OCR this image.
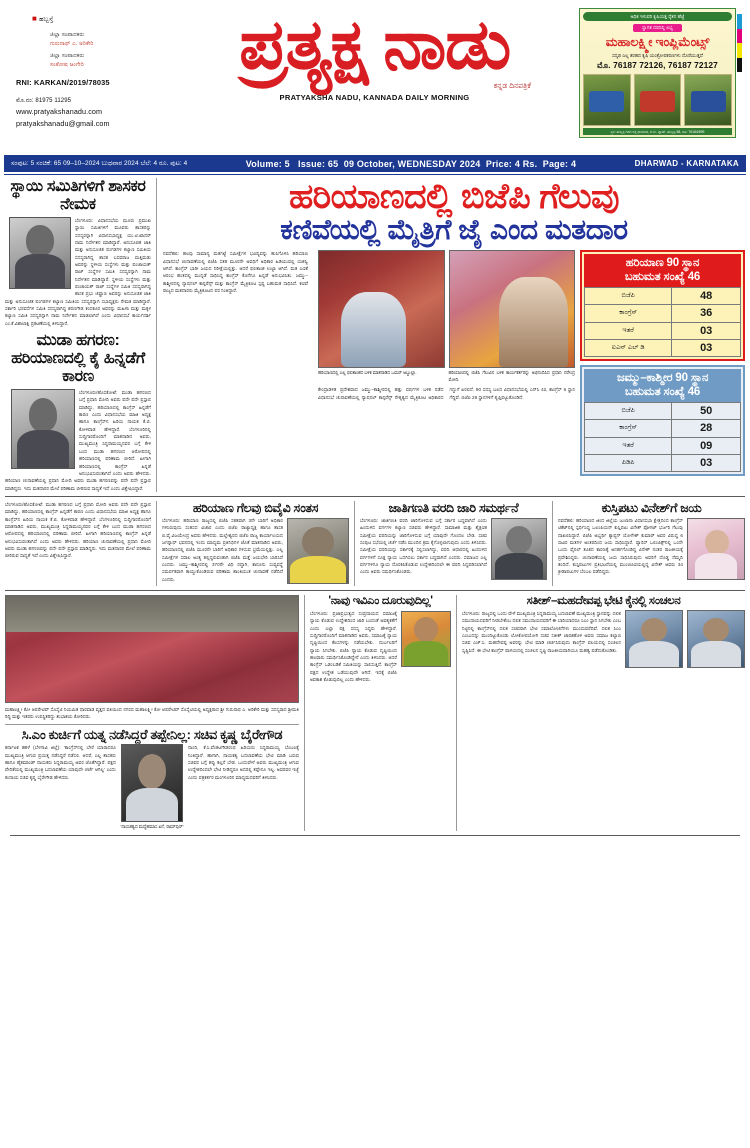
■ ಹಬ್ಬಸ್ತೆ
ಜಿಲ್ಲಾ ಸಂಪಾದಕರು
ಗುರುನಾಥ್ ಎ. ಅರಿಕೇರಿ
ಜಿಲ್ಲಾ ಸಂಪಾದಕರು
ಸಂತೋಷ ಜಂಗೇರಿ
RNI: KARKAN/2019/78035
ಮೊ.ನಂ: 81975 11295
www.pratyakshanadu.com
pratyakshanadu@gmail.com
ಪ್ರತ್ಯಕ್ಷ ನಾಡು
ಕನ್ನಡ ದಿನಪತ್ರಿಕೆ
PRATYAKSHA NADU, KANNADA DAILY MORNING
ಅಧಿಕ ಇಳುವರಿ ಕೃಷಿಯತ್ತ ರೈತನ ಹೆಜ್ಜೆ
ಸ್ವಾಗತ ದರದಲ್ಲಿ ಲಭ್ಯ
ಮಹಾಲಕ್ಷ್ಮೀ ಇಂಪ್ಲಿಮೆಂಟ್ಸ್
ಸದೃಢ ಎಲ್ಲ ತರಹದ ಕೃಷಿ ಯಂತ್ರೋಪಕರಣಗಳು ದೊರೆಯುತ್ತದೆ
ಮೊ. 76187 72126, 76187 72127
ಸ್ಥಳ: ಹುಬ್ಬಳ್ಳಿ ಗದಗ ರಸ್ತೆ ಧಾರವಾಡ, ಶೆ.ನಂ. ಫ್ಲಾಟ್, ಹುಬ್ಬಳ್ಳಿ-58, ದೂ: 76184/699
ಸಂಪುಟ: 5 ಸಂಚಿಕೆ: 65 09–10–2024 ಬುಧವಾರ 2024 ಬೆಲೆ: 4 ರೂ. ಪುಟ: 4	Volume: 5 Issue: 65 09 October, WEDNESDAY 2024 Price: 4 Rs. Page: 4	DHARWAD - KARNATAKA
ಸ್ಥಾಯಿ ಸಮಿತಿಗಳಿಗೆ ಶಾಸಕರ ನೇಮಕ
ಬೆಂಗಳೂರು: ವಿಧಾನಸಭೆಯ ಮೂರು ಪ್ರಮುಖ ಸ್ಥಾಯಿ ಸಮಿತಿಗಳಿಗೆ ಮೂವರು ಶಾಸಕರನ್ನು ಸದಸ್ಯರನ್ನಾಗಿ ವಿಧಾನಸಭಾಧ್ಯಕ್ಷ ಯು.ಟಿ.ಖಾದರ್ ನಾಮ ನಿರ್ದೇಶನ ಮಾಡಿದ್ದಾರೆ. ಅನುಸೂಚಿತ ಜಾತಿ ಮತ್ತು ಅನುಸೂಚಿತ ಪಂಗಡಗಳ ಕಲ್ಯಾಣ ಸಮಿತಿಯ ಸದಸ್ಯರಾಗಿದ್ದ ಶಾಸಕ ಬಸವರಾಜ ಮತ್ತಿಮಡು ಅವರನ್ನು ಸ್ಥಳೀಯ ಸಂಸ್ಥೆಗಳು ಮತ್ತು ಪಂಚಾಯತ್ ರಾಜ್ ಸಂಸ್ಥೆಗಳ ಸಮಿತಿ ಸದಸ್ಯರನ್ನಾಗಿ ನಾಮ ನಿರ್ದೇಶನ ಮಾಡಿದ್ದಾರೆ. ಸ್ಥಳೀಯ ಸಂಸ್ಥೆಗಳು ಮತ್ತು ಪಂಚಾಯತ್ ರಾಜ್ ಸಂಸ್ಥೆಗಳ ಸಮಿತಿ ಸದಸ್ಯರಾಗಿದ್ದ ಶಾಸಕ ಪ್ರಭು ಚವ್ಹಾಣ ಅವರನ್ನು ಅನುಸೂಚಿತ ಜಾತಿ ಮತ್ತು ಅನುಸೂಚಿತ ಪಂಗಡಗಳ ಕಲ್ಯಾಣ ಸಮಿತಿಯ ಸದಸ್ಯರನ್ನಾಗಿ ಸಭಾಧ್ಯಕ್ಷರು ನೇಮಕ ಮಾಡಿದ್ದಾರೆ. ಸರ್ಕಾರಿ ಭರವಸೆಗಳ ಸಮಿತಿ ಸದಸ್ಯರಾಗಿದ್ದ ಶರಣಗೌಡ ಕಂದಕೂರ ಅವರನ್ನು ಮಹಿಳಾ ಮತ್ತು ಮಕ್ಕಳ ಕಲ್ಯಾಣ ಸಮಿತಿ ಸದಸ್ಯರನ್ನಾಗಿ ನಾಮ ನಿರ್ದೇಶನ ಮಾಡಲಾಗಿದೆ ಎಂದು ವಿಧಾನಸಭೆ ಕಾರ್ಯದರ್ಶಿ ಎಂ.ಕೆ.ವಿಶಾಲಾಕ್ಷಿ ಪ್ರಕಟಣೆಯಲ್ಲಿ ತಿಳಿಸಿದ್ದಾರೆ.
ಮುಡಾ ಹಗರಣ: ಹರಿಯಾಣದಲ್ಲಿ ಕೈ ಹಿನ್ನಡೆಗೆ ಕಾರಣ
ಬೆಂಗಳೂರು/ಹೊಸಕೋಟೆ: ಮುಡಾ ಹಗರಣದ ಬಗ್ಗೆ ಪ್ರಧಾನಿ ಮೋದಿ ಅವರು ಪದೇ ಪದೇ ಪ್ರಸ್ತಾಪ ಮಾಡಿದ್ದು, ಹರಿಯಾಣದಲ್ಲಿ ಕಾಂಗ್ರೆಸ್ ಹಿನ್ನಡೆಗೆ ಕಾರಣ ಎಂದು ವಿಧಾನಸಭೆಯ ಮಾಜಿ ಅಧ್ಯಕ್ಷ ಹಾಗೂ ಕಾಂಗ್ರೆಸ್‌ನ ಹಿರಿಯ ನಾಯಕ ಕೆ.ಬಿ. ಕೋಳಿವಾಡ ಹೇಳಿದ್ದಾರೆ. ಬೆಂಗಳೂರಿನಲ್ಲಿ ಸುದ್ದಿಗಾರರೊಂದಿಗೆ ಮಾತನಾಡಿದ ಅವರು, ಮುಖ್ಯಮಂತ್ರಿ ಸಿದ್ದರಾಮಯ್ಯನವರ ಬಗ್ಗೆ ಕೇಳಿ ಬಂದ ಮುಡಾ ಹಗರಣದ ಆರೋಪದಲ್ಲಿ ಹರಿಯಾಣದಲ್ಲಿ ಪರಿಣಾಮ ಬೀರಿದೆ. ಹೀಗಾಗಿ ಹರಿಯಾಣದಲ್ಲಿ ಕಾಂಗ್ರೆಸ್ ಹಿನ್ನಡೆ ಅನುಭವಿಸುವಂತಾಗಿದೆ ಎಂದು ಅವರು ಹೇಳಿದರು. ಹರಿಯಾಣ ಚುನಾವಣೆಯಲ್ಲಿ ಪ್ರಧಾನಿ ಮೋದಿ ಅವರು ಮುಡಾ ಹಗರಣವನ್ನು ಪದೇ ಪದೇ ಪ್ರಸ್ತಾಪ ಮಾಡಿದ್ದರು. ಇದು ಮತದಾರರ ಮೇಲೆ ಪರಿಣಾಮ ಬೀರಿರುವ ಸಾಧ್ಯತೆ ಇದೆ ಎಂದು ವಿಶ್ಲೇಷಿಸಿದ್ದಾರೆ.
ಹರಿಯಾಣದಲ್ಲಿ ಬಿಜೆಪಿ ಗೆಲುವು
ಕಣಿವೆಯಲ್ಲಿ ಮೈತ್ರಿಗೆ ಜೈ ಎಂದ ಮತದಾರ
ನವದೆಹಲಿ: ಹಲವು ಸಾಮಾನ್ಯ ಮತಗಟ್ಟೆ ಸಮೀಕ್ಷೆಗಳ ಭವಿಷ್ಯವನ್ನು ಹುಸಿಗೊಳಿಸಿ ಹರಿಯಾಣ ವಿಧಾನಸಭೆ ಚುನಾವಣೆಯಲ್ಲಿ ಬಿಜೆಪಿ ಸತತ ಮೂರನೇ ಅವಧಿಗೆ ಅಧಿಕಾರ ಹಿಡಿಯುವಲ್ಲಿ ಯಶಸ್ವಿ ಆಗಿದೆ. ಕಾಂಗ್ರೆಸ್ ಭಾರೀ ಜಯದ ನಿರೀಕ್ಷೆಯಲ್ಲಿತ್ತು. ಆದರೆ ಫಲಿತಾಂಶ ಉಲ್ಟಾ ಆಗಿದೆ. ಮತ ಎಣಿಕೆ ಆರಂಭ ಹಂತದಲ್ಲಿ ಮುನ್ನಡೆ ಸಾಧಿಸಿದ್ದ ಕಾಂಗ್ರೆಸ್ ಕೊನೆಗೂ ಹಿನ್ನಡೆ ಅನುಭವಿಸಿತು. ಜಮ್ಮು–ಕಾಶ್ಮೀರದಲ್ಲಿ ನ್ಯಾಷನಲ್ ಕಾನ್ಫರೆನ್ಸ್ ಮತ್ತು ಕಾಂಗ್ರೆಸ್ ಮೈತ್ರಿಕೂಟ ಸ್ಪಷ್ಟ ಬಹುಮತ ಸಾಧಿಸಿದೆ. ಕಣಿವೆ ರಾಜ್ಯದ ಮತದಾರರು ಮೈತ್ರಿಕೂಟದ ಪರ ನಿಂತಿದ್ದಾರೆ.
ಹರಿಯಾಣದಲ್ಲಿ ಎಲ್ಲ ಫಲಿತಾಂಶದ ಬಳಿಕ ಮಾತನಾಡಿದ ಒಮರ್ ಅಬ್ದುಲ್ಲಾ.	ಹರಿಯಾಣದಲ್ಲಿ ಬಿಜೆಪಿ ಗೆಲುವಿನ ಬಳಿಕ ಕಾರ್ಯಕರ್ತರನ್ನು ಅಭಿನಂದಿಸಿದ ಪ್ರಧಾನಿ ನರೇಂದ್ರ ಮೋದಿ.
ಕೇಂದ್ರಾಡಳಿತ ಪ್ರದೇಶವಾದ ಜಮ್ಮು–ಕಾಶ್ಮೀರದಲ್ಲಿ ಹತ್ತು ವರ್ಷಗಳ ಬಳಿಕ ನಡೆದ ವಿಧಾನಸಭೆ ಚುನಾವಣೆಯಲ್ಲಿ ನ್ಯಾಷನಲ್ ಕಾನ್ಫರೆನ್ಸ್ ನೇತೃತ್ವದ ಮೈತ್ರಿಕೂಟ ಅಧಿಕಾರದ ಗದ್ದುಗೆ ಏರಲಿದೆ. 90 ಸದಸ್ಯ ಬಲದ ವಿಧಾನಸಭೆಯಲ್ಲಿ ಎನ್‌ಸಿ 42, ಕಾಂಗ್ರೆಸ್ 6 ಸ್ಥಾನ ಗೆದ್ದಿವೆ. ಬಿಜೆಪಿ 29 ಸ್ಥಾನಗಳಿಗೆ ತೃಪ್ತಿಪಟ್ಟುಕೊಂಡಿದೆ.
ಹರಿಯಾಣ 90 ಸ್ಥಾನ
ಬಹುಮತ ಸಂಖ್ಯೆ 46
ಬಿಜೆಪಿ	48
ಕಾಂಗ್ರೆಸ್	36
ಇತರೆ	03
ಐಎನ್ ಎಲ್ ಡಿ	03
ಜಮ್ಮು–ಕಾಶ್ಮೀರ 90 ಸ್ಥಾನ
ಬಹುಮತ ಸಂಖ್ಯೆ 46
ಬಿಜೆಪಿ	50
ಕಾಂಗ್ರೆಸ್	28
ಇತರೆ	09
ಪಿಡಿಪಿ	03
ಬೆಂಗಳೂರು/ಹೊಸಕೋಟೆ: ಮುಡಾ ಹಗರಣದ ಬಗ್ಗೆ ಪ್ರಧಾನಿ ಮೋದಿ ಅವರು ಪದೇ ಪದೇ ಪ್ರಸ್ತಾಪ ಮಾಡಿದ್ದು, ಹರಿಯಾಣದಲ್ಲಿ ಕಾಂಗ್ರೆಸ್ ಹಿನ್ನಡೆಗೆ ಕಾರಣ ಎಂದು ವಿಧಾನಸಭೆಯ ಮಾಜಿ ಅಧ್ಯಕ್ಷ ಹಾಗೂ ಕಾಂಗ್ರೆಸ್‌ನ ಹಿರಿಯ ನಾಯಕ ಕೆ.ಬಿ. ಕೋಳಿವಾಡ ಹೇಳಿದ್ದಾರೆ. ಬೆಂಗಳೂರಿನಲ್ಲಿ ಸುದ್ದಿಗಾರರೊಂದಿಗೆ ಮಾತನಾಡಿದ ಅವರು, ಮುಖ್ಯಮಂತ್ರಿ ಸಿದ್ದರಾಮಯ್ಯನವರ ಬಗ್ಗೆ ಕೇಳಿ ಬಂದ ಮುಡಾ ಹಗರಣದ ಆರೋಪದಲ್ಲಿ ಹರಿಯಾಣದಲ್ಲಿ ಪರಿಣಾಮ ಬೀರಿದೆ. ಹೀಗಾಗಿ ಹರಿಯಾಣದಲ್ಲಿ ಕಾಂಗ್ರೆಸ್ ಹಿನ್ನಡೆ ಅನುಭವಿಸುವಂತಾಗಿದೆ ಎಂದು ಅವರು ಹೇಳಿದರು. ಹರಿಯಾಣ ಚುನಾವಣೆಯಲ್ಲಿ ಪ್ರಧಾನಿ ಮೋದಿ ಅವರು ಮುಡಾ ಹಗರಣವನ್ನು ಪದೇ ಪದೇ ಪ್ರಸ್ತಾಪ ಮಾಡಿದ್ದರು. ಇದು ಮತದಾರರ ಮೇಲೆ ಪರಿಣಾಮ ಬೀರಿರುವ ಸಾಧ್ಯತೆ ಇದೆ ಎಂದು ವಿಶ್ಲೇಷಿಸಿದ್ದಾರೆ.
ಹರಿಯಾಣ ಗೆಲವು ಬಿವೈವಿ ಸಂತಸ
ಬೆಂಗಳೂರು: ಹರಿಯಾಣ ರಾಜ್ಯದಲ್ಲಿ ಬಿಜೆಪಿ ಸತತವಾಗಿ 3ನೇ ಬಾರಿಗೆ ಅಧಿಕಾರ ಗಳಿಸಿರುವುದು ಸಂತಸದ ವಿಚಾರ ಎಂದು ಬಿಜೆಪಿ ರಾಜ್ಯಾಧ್ಯಕ್ಷ ಹಾಗೂ ಶಾಸಕ ಬಿ.ವೈ.ವಿಜಯೇಂದ್ರ ಅವರು ಹೇಳಿದರು. ಮಲ್ಲೇಶ್ವರದ ಬಿಜೆಪಿ ರಾಜ್ಯ ಕಾರ್ಯಾಲಯದ ಜಗನ್ನಾಥ್ ಭವನದಲ್ಲಿ ಇಂದು ಮಾಧ್ಯಮ ಪ್ರತಿನಿಧಿಗಳ ಜೊತೆ ಮಾತನಾಡಿದ ಅವರು, ಹರಿಯಾಣದಲ್ಲಿ ಬಿಜೆಪಿ ಮೂರನೇ ಬಾರಿಗೆ ಅಧಿಕಾರ ಗಳಿಸುವ ಭ್ರಮೆಯಲ್ಲಿತ್ತು. ಎಲ್ಲ ಸಮೀಕ್ಷೆಗಳ ಸವಾಲ ಅಂತ್ಯ ತಲ್ಲಿದ್ದರುವಂತಾಗಿ ಬಿಜೆಪಿ ಮತ್ತೆ ಜಯಭೇರಿ ಬಾರಿಸಿದೆ ಎಂದರು. ಜಮ್ಮು–ಕಾಶ್ಮೀರದಲ್ಲಿ 370ನೇ ವಿಧಿ ರದ್ದಾಗಿ, ಕಾನೂನು ಸುವ್ಯವಸ್ಥೆ ಸಮರ್ಪಕವಾಗಿ ಕಾಯ್ದುಕೊಂಡಿರುವ ಪರಿಣಾಮ ಶಾಂತಿಯುತ ಚುನಾವಣೆ ನಡೆದಿದೆ ಎಂದರು.
ಜಾತಿಗಣತಿ ವರದಿ ಜಾರಿ ಸಮರ್ಥನೆ
ಬೆಂಗಳೂರು: ಜಾತಿಗಣತಿ ವರದಿ ಜಾರಿಗೊಳಿಸುವ ಬಗ್ಗೆ ಸರ್ಕಾರ ಬದ್ಧವಾಗಿದೆ ಎಂದು ಹಿಂದುಳಿದ ವರ್ಗಗಳ ಕಲ್ಯಾಣ ಸಚಿವರು ಹೇಳಿದ್ದಾರೆ. ಸಾಮಾಜಿಕ ಮತ್ತು ಶೈಕ್ಷಣಿಕ ಸಮೀಕ್ಷೆಯ ವರದಿಯನ್ನು ಜಾರಿಗೊಳಿಸುವ ಬಗ್ಗೆ ಯಾವುದೇ ಗೊಂದಲ ಬೇಡ. ಸಚಿವ ಸಂಪುಟ ಸಭೆಯಲ್ಲಿ ಚರ್ಚೆ ನಡೆಸಿ ಮುಂದಿನ ಕ್ರಮ ಕೈಗೊಳ್ಳಲಾಗುವುದು ಎಂದು ತಿಳಿಸಿದರು. ಸಮೀಕ್ಷೆಯ ವರದಿಯನ್ನು ಸರ್ಕಾರಕ್ಕೆ ಸಲ್ಲಿಸಲಾಗಿದ್ದು, ವರದಿ ಆಧಾರದಲ್ಲಿ ಹಿಂದುಳಿದ ವರ್ಗಗಳಿಗೆ ಸೂಕ್ತ ನ್ಯಾಯ ಒದಗಿಸಲು ಸರ್ಕಾರ ಬದ್ಧವಾಗಿದೆ ಎಂದರು. ಸಮಾಜದ ಎಲ್ಲ ವರ್ಗಗಳಿಗೂ ನ್ಯಾಯ ದೊರಕಿಸಿಕೊಡುವ ಉದ್ದೇಶದಿಂದಲೇ ಈ ವರದಿ ಸಿದ್ಧಪಡಿಸಲಾಗಿದೆ ಎಂದು ಅವರು ಸಮರ್ಥಿಸಿಕೊಂಡರು.
ಕುಸ್ತಿಪಟು ವಿನೇಶ್‌ಗೆ ಜಯ
ನವದೆಹಲಿ: ಹರಿಯಾಣದ ಜಿಂದ ಜಿಲ್ಲೆಯ ಜುಲಾನಾ ವಿಧಾನಸಭಾ ಕ್ಷೇತ್ರದಿಂದ ಕಾಂಗ್ರೆಸ್ ಟಿಕೆಟ್‌ನಲ್ಲಿ ಸ್ಪರ್ಧಿಸಿದ್ದ ಒಲಂಪಿಯನ್ ಕುಸ್ತಿಪಟು ವಿನೇಶ್ ಫೋಗಟ್ ಭರ್ಜರಿ ಗೆಲುವು ದಾಖಲಿಸಿದ್ದಾರೆ. ಬಿಜೆಪಿ ಅಭ್ಯರ್ಥಿ ಕ್ಯಾಪ್ಟನ್ ಯೋಗೇಶ್ ಕುಮಾರ್ ಅವರ ವಿರುದ್ಧ 6 ಸಾವಿರ ಮತಗಳ ಅಂತರದಿಂದ ಜಯ ಸಾಧಿಸಿದ್ದಾರೆ. ಪ್ಯಾರಿಸ್ ಒಲಿಂಪಿಕ್ಸ್‌ನಲ್ಲಿ ಒಂದೇ ಒಂದು ಫೈನಲ್ ತೂಕದ ಕಾರಣಕ್ಕೆ ಅನರ್ಹಗೊಂಡಿದ್ದ ವಿನೇಶ್ ನಂತರ ರಾಜಕೀಯಕ್ಕೆ ಪ್ರವೇಶಿಸಿದ್ದರು. ಚುನಾವಣೆಯಲ್ಲಿ ಜಯ ಸಾಧಿಸಿರುವುದು ಅವರಿಗೆ ದೊಡ್ಡ ನೆಮ್ಮದಿ ತಂದಿದೆ. ಕುಸ್ತಿಪಟುಗಳ ಪ್ರತಿಭಟನೆಯಲ್ಲಿ ಮುಂಚೂಣಿಯಲ್ಲಿದ್ದ ವಿನೇಶ್ ಅವರು 34 ಕ್ರೀಡಾಪಟುಗಳ ಬೆಂಬಲ ಪಡೆದಿದ್ದರು.
ಮಹಾಲಕ್ಷ್ಮೀ ಕೋ ಆಪರೇಟಿವ್ ಸೊಸೈಟಿ ನಿಯಮಿತ ಧಾರವಾಡ ವೃತ್ತದ ವತಿಯಿಂದ ನಗರದ ಮಹಾಲಕ್ಷ್ಮೀ ಕೋ ಆಪರೇಟಿವ್ ಸೊಸೈಟಿಯಲ್ಲಿ ಅಧ್ಯಕ್ಷರಾದ ಶ್ರೀ ಗುರುನಾಥ ಎ. ಅರಿಕೇರಿ ಮತ್ತು ಸದಸ್ಯರಾದ ಶ್ರೀಮತಿ ರಿದ್ಧಿ ಮತ್ತು ಇತರರು ಉಪಸ್ಥಿತರಿದ್ದು ಶುಭಾಶಯ ಕೋರಿದರು.
ಸಿ.ಎಂ ಕುರ್ಚಿಗೆ ಯತ್ನ ನಡೆಸಿದ್ದರೆ ತಪ್ಪೇನಿಲ್ಲ: ಸಚಿವ ಕೃಷ್ಣ ಬೈರೇಗೌಡ
ಕರ್ನಾಟಕ ಕಹಳೆ (ಬೆಳಗಾವಿ ಜಿಲ್ಲೆ): 'ಕಾಂಗ್ರೆಸ್‌ನಲ್ಲಿ ಬೇರೆ ಯಾರಾದರೂ ಮುಖ್ಯಮಂತ್ರಿ ಆಗುವ ಪ್ರಯತ್ನ ನಡೆಸಿದ್ದರೆ ನಡೆಸಲಿ. ಆದರೆ, ಎಲ್ಲ ಶಾಸಕರು ಹಾಗೂ ಹೈಕಮಾಂಡ್ ನಾಯಕರು ಸಿದ್ದರಾಮಯ್ಯ ಅವರ ಜೊತೆಗಿದ್ದಾರೆ. ಪಕ್ಷದ ವೇದಿಕೆಯಲ್ಲಿ ಮುಖ್ಯಮಂತ್ರಿ ಬದಲಾವಣೆಯ ಯಾವುದೇ ಚರ್ಚೆ ಆಗಿಲ್ಲ' ಎಂದು ಕಂದಾಯ ಸಚಿವ ಕೃಷ್ಣ ಬೈರೇಗೌಡ ಹೇಳಿದರು.
ನಾಂದಿ, ಕೆ.ಸಿ.ವೆಂಕಟಗೌಡರಂಥ ಹಿರಿಯರು ಸಿದ್ದರಾಮಯ್ಯ ಬೆಂಬಲಕ್ಕೆ ನಿಂತಿದ್ದಾರೆ. ಹಾಗಾಗಿ, ನಾಯಕತ್ವ ಬದಲಾವಣೆಯ ಭೇಟಿ ಮಾಡಿ ಬರುವ ಸಚಿವರ ಬಗ್ಗೆ ತಪ್ಪು ಕಲ್ಪನೆ ಬೇಡ. ಒಂದುವೇಳೆ ಅವರು ಮುಖ್ಯಮಂತ್ರಿ ಆಗುವ ಉದ್ದೇಶದಿಂದಲೇ ಭೇಟಿ ನೀಡಿದ್ದರೂ ಅದರಲ್ಲಿ ತಪ್ಪೇನೂ ಇಲ್ಲ. ಅವರವರ ಇಚ್ಛೆ ಎಂದು ಪತ್ರಕರ್ತರ ಮಂಗಳೂರಿನ ಮಾಧ್ಯಮದವರಿಗೆ ತಿಳಿಸಿದರು.
'ನಾಯಕತ್ವದ ಮಧ್ಯೆಹಮಾಸ ಏನೆ, ರಾಮ್‌ಪುರ್'
'ನಾವು ಇವಿಎಂ ದೂರುವುದಿಲ್ಲ'
ಬೆಂಗಳೂರು: ಪ್ರಜಾಪ್ರಭುತ್ವದ ಸಂಪ್ರದಾಯದ ಸಮಾಜಕ್ಕೆ ನ್ಯಾಯ ಕೊಡುವ ಉದ್ದೇಶದಿಂದ ಜಾರಿ ಬಂದಂತೆ ಅವಶ್ಯಕತೆಗೆ ಎಂದು ಎಲ್ಲಾ ಪಕ್ಷ ಸದಸ್ಯ ಸಿದ್ದರು ಹೇಳಿದ್ದಾರೆ. ಸುದ್ದಿಗಾರರೊಂದಿಗೆ ಮಾತನಾಡಿದ ಅವರು, ಸಮಾಜಕ್ಕೆ ನ್ಯಾಯ ದೃಷ್ಟಿಯಿಂದ ಕೆಲಸಗಳನ್ನು ನಡೆಯಬೇಕು. ದುರ್ಬಲರಿಗೆ ನ್ಯಾಯ ಸಿಗಬೇಕು. ಬಿಜೆಪಿ ನ್ಯಾಯ ಕೊಡುವ ದೃಷ್ಟಿಯಿಂದ ಹಲವಾರು ಸಮರ್ಥಿಸಿಕೊಂಡಿದ್ದೇನೆ ಎಂದು ತಿಳಿಸಿದರು. ಆದರೆ ಕಾಂಗ್ರೆಸ್ ಒಡಂಬಡಿಕೆ ಸಮಿತಿಯನ್ನು ಸಾಲಿಸುತ್ತಿದೆ. ಕಾಂಗ್ರೆಸ್ ಪಕ್ಷದ ಉದ್ದೇಶ ಒಡೆಯುವುದೇ ಆಗಿದೆ. ಇದಕ್ಕೆ ಬಿಜೆಪಿ ಅವಕಾಶ ಕೊಡುವುದಿಲ್ಲ ಎಂದು ಹೇಳಿದರು.
ಸತೀಶ್–ಮಹದೇವಪ್ಪ ಭೇಟಿ ಕೈನಲ್ಲಿ ಸಂಚಲನ
ಬೆಂಗಳೂರು: ರಾಜ್ಯದಲ್ಲಿ ಒಂದು ವೇಳೆ ಮುಖ್ಯಮಂತ್ರಿ ಸಿದ್ದರಾಮಯ್ಯ ಬದಲಾವಣೆ ಮುಖ್ಯಮಂತ್ರಿ ಸ್ಥಾನವನ್ನು ದಲಿತ ಸಮುದಾಯದವರಿಗೆ ನೀಡಬೇಕೆಂಬ ದಲಿತ ಸಮುದಾಯದವರಿಗೆ ಈ ಬಾರಿಯಾದರೂ ಸಿಎಂ ಸ್ಥಾನ ಸಿಗಬೇಕು ಎಂಬ ನಿಟ್ಟಿನಲ್ಲಿ ಕಾಂಗ್ರೆಸ್‌ನಲ್ಲಿ ದಲಿತ ಸಚಿವರಾಗಿ ಭೇಟಿ ಸಮಾಲೋಚನೆಗಳು ಮುಂದುವರೆದಿವೆ. ದಲಿತ ಸಿಎಂ ಎಂಬುದನ್ನು ಮುಂದಿಟ್ಟುಕೊಂಡು ಲೋಕೋಪಯೋಗಿ ಸಚಿವ ಸತೀಶ್ ಜಾರಕಿಹೊಳಿ ಅವರು ಸಮಾಜ ಕಲ್ಯಾಣ ಸಚಿವ ಎಚ್.ಸಿ. ಮಹದೇವಪ್ಪ ಅವರನ್ನು ಭೇಟಿ ಮಾಡಿ ಚರ್ಚಿಸಿರುವುದು ಕಾಂಗ್ರೆಸ್ ವಲಯದಲ್ಲಿ ಸಂಚಲನ ಸೃಷ್ಟಿಸಿದೆ. ಈ ಭೇಟಿ ಕಾಂಗ್ರೆಸ್ ಪಾಳಯದಲ್ಲಿ ಸಂಚಲನ ಸೃಷ್ಟಿ ರಾಜಕೀಯವಾಗಿಯೂ ಮಹತ್ವ ಪಡೆದುಕೊಂಡಿತು.
